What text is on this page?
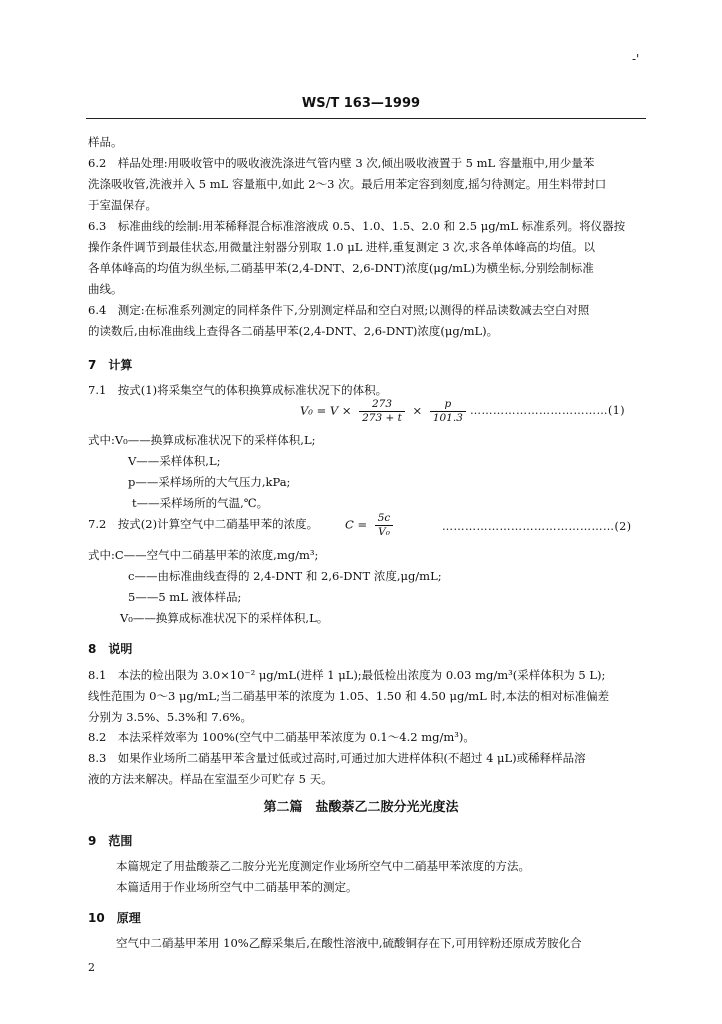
-'
WS/T 163—1999
样品。
6.2　样品处理:用吸收管中的吸收液洗涤进气管内壁 3 次,倾出吸收液置于 5 mL 容量瓶中,用少量苯
洗涤吸收管,洗液并入 5 mL 容量瓶中,如此 2～3 次。最后用苯定容到刻度,摇匀待测定。用生料带封口
于室温保存。
6.3　标准曲线的绘制:用苯稀释混合标准溶液成 0.5、1.0、1.5、2.0 和 2.5 μg/mL 标准系列。将仪器按
操作条件调节到最佳状态,用微量注射器分别取 1.0 μL 进样,重复测定 3 次,求各单体峰高的均值。以
各单体峰高的均值为纵坐标,二硝基甲苯(2,4-DNT、2,6-DNT)浓度(μg/mL)为横坐标,分别绘制标准
曲线。
6.4　测定:在标准系列测定的同样条件下,分别测定样品和空白对照;以测得的样品读数减去空白对照
的读数后,由标准曲线上查得各二硝基甲苯(2,4-DNT、2,6-DNT)浓度(μg/mL)。
7　计算
7.1　按式(1)将采集空气的体积换算成标准状况下的体积。
$V_0 = V \times \frac{273}{273 + t} \times \frac{p}{101.3}$ ………………………………(1)
式中:V₀——换算成标准状况下的采样体积,L;
V——采样体积,L;
p——采样场所的大气压力,kPa;
t——采样场所的气温,℃。
7.2　按式(2)计算空气中二硝基甲苯的浓度。 $C = \frac{5c}{\text{V₀}}$	………………………………………(2)
式中:C——空气中二硝基甲苯的浓度,mg/m³;
c——由标准曲线查得的 2,4-DNT 和 2,6-DNT 浓度,μg/mL;
5——5 mL 液体样品;
V₀——换算成标准状况下的采样体积,L。
8　说明
8.1　本法的检出限为 3.0×10⁻² μg/mL(进样 1 μL);最低检出浓度为 0.03 mg/m³(采样体积为 5 L);
线性范围为 0～3 μg/mL;当二硝基甲苯的浓度为 1.05、1.50 和 4.50 μg/mL 时,本法的相对标准偏差
分别为 3.5%、5.3%和 7.6%。
8.2　本法采样效率为 100%(空气中二硝基甲苯浓度为 0.1～4.2 mg/m³)。
8.3　如果作业场所二硝基甲苯含量过低或过高时,可通过加大进样体积(不超过 4 μL)或稀释样品溶
液的方法来解决。样品在室温至少可贮存 5 天。
第二篇　盐酸萘乙二胺分光光度法
9　范围
本篇规定了用盐酸萘乙二胺分光光度测定作业场所空气中二硝基甲苯浓度的方法。
本篇适用于作业场所空气中二硝基甲苯的测定。
10　原理
空气中二硝基甲苯用 10%乙醇采集后,在酸性溶液中,硫酸铜存在下,可用锌粉还原成芳胺化合
2
